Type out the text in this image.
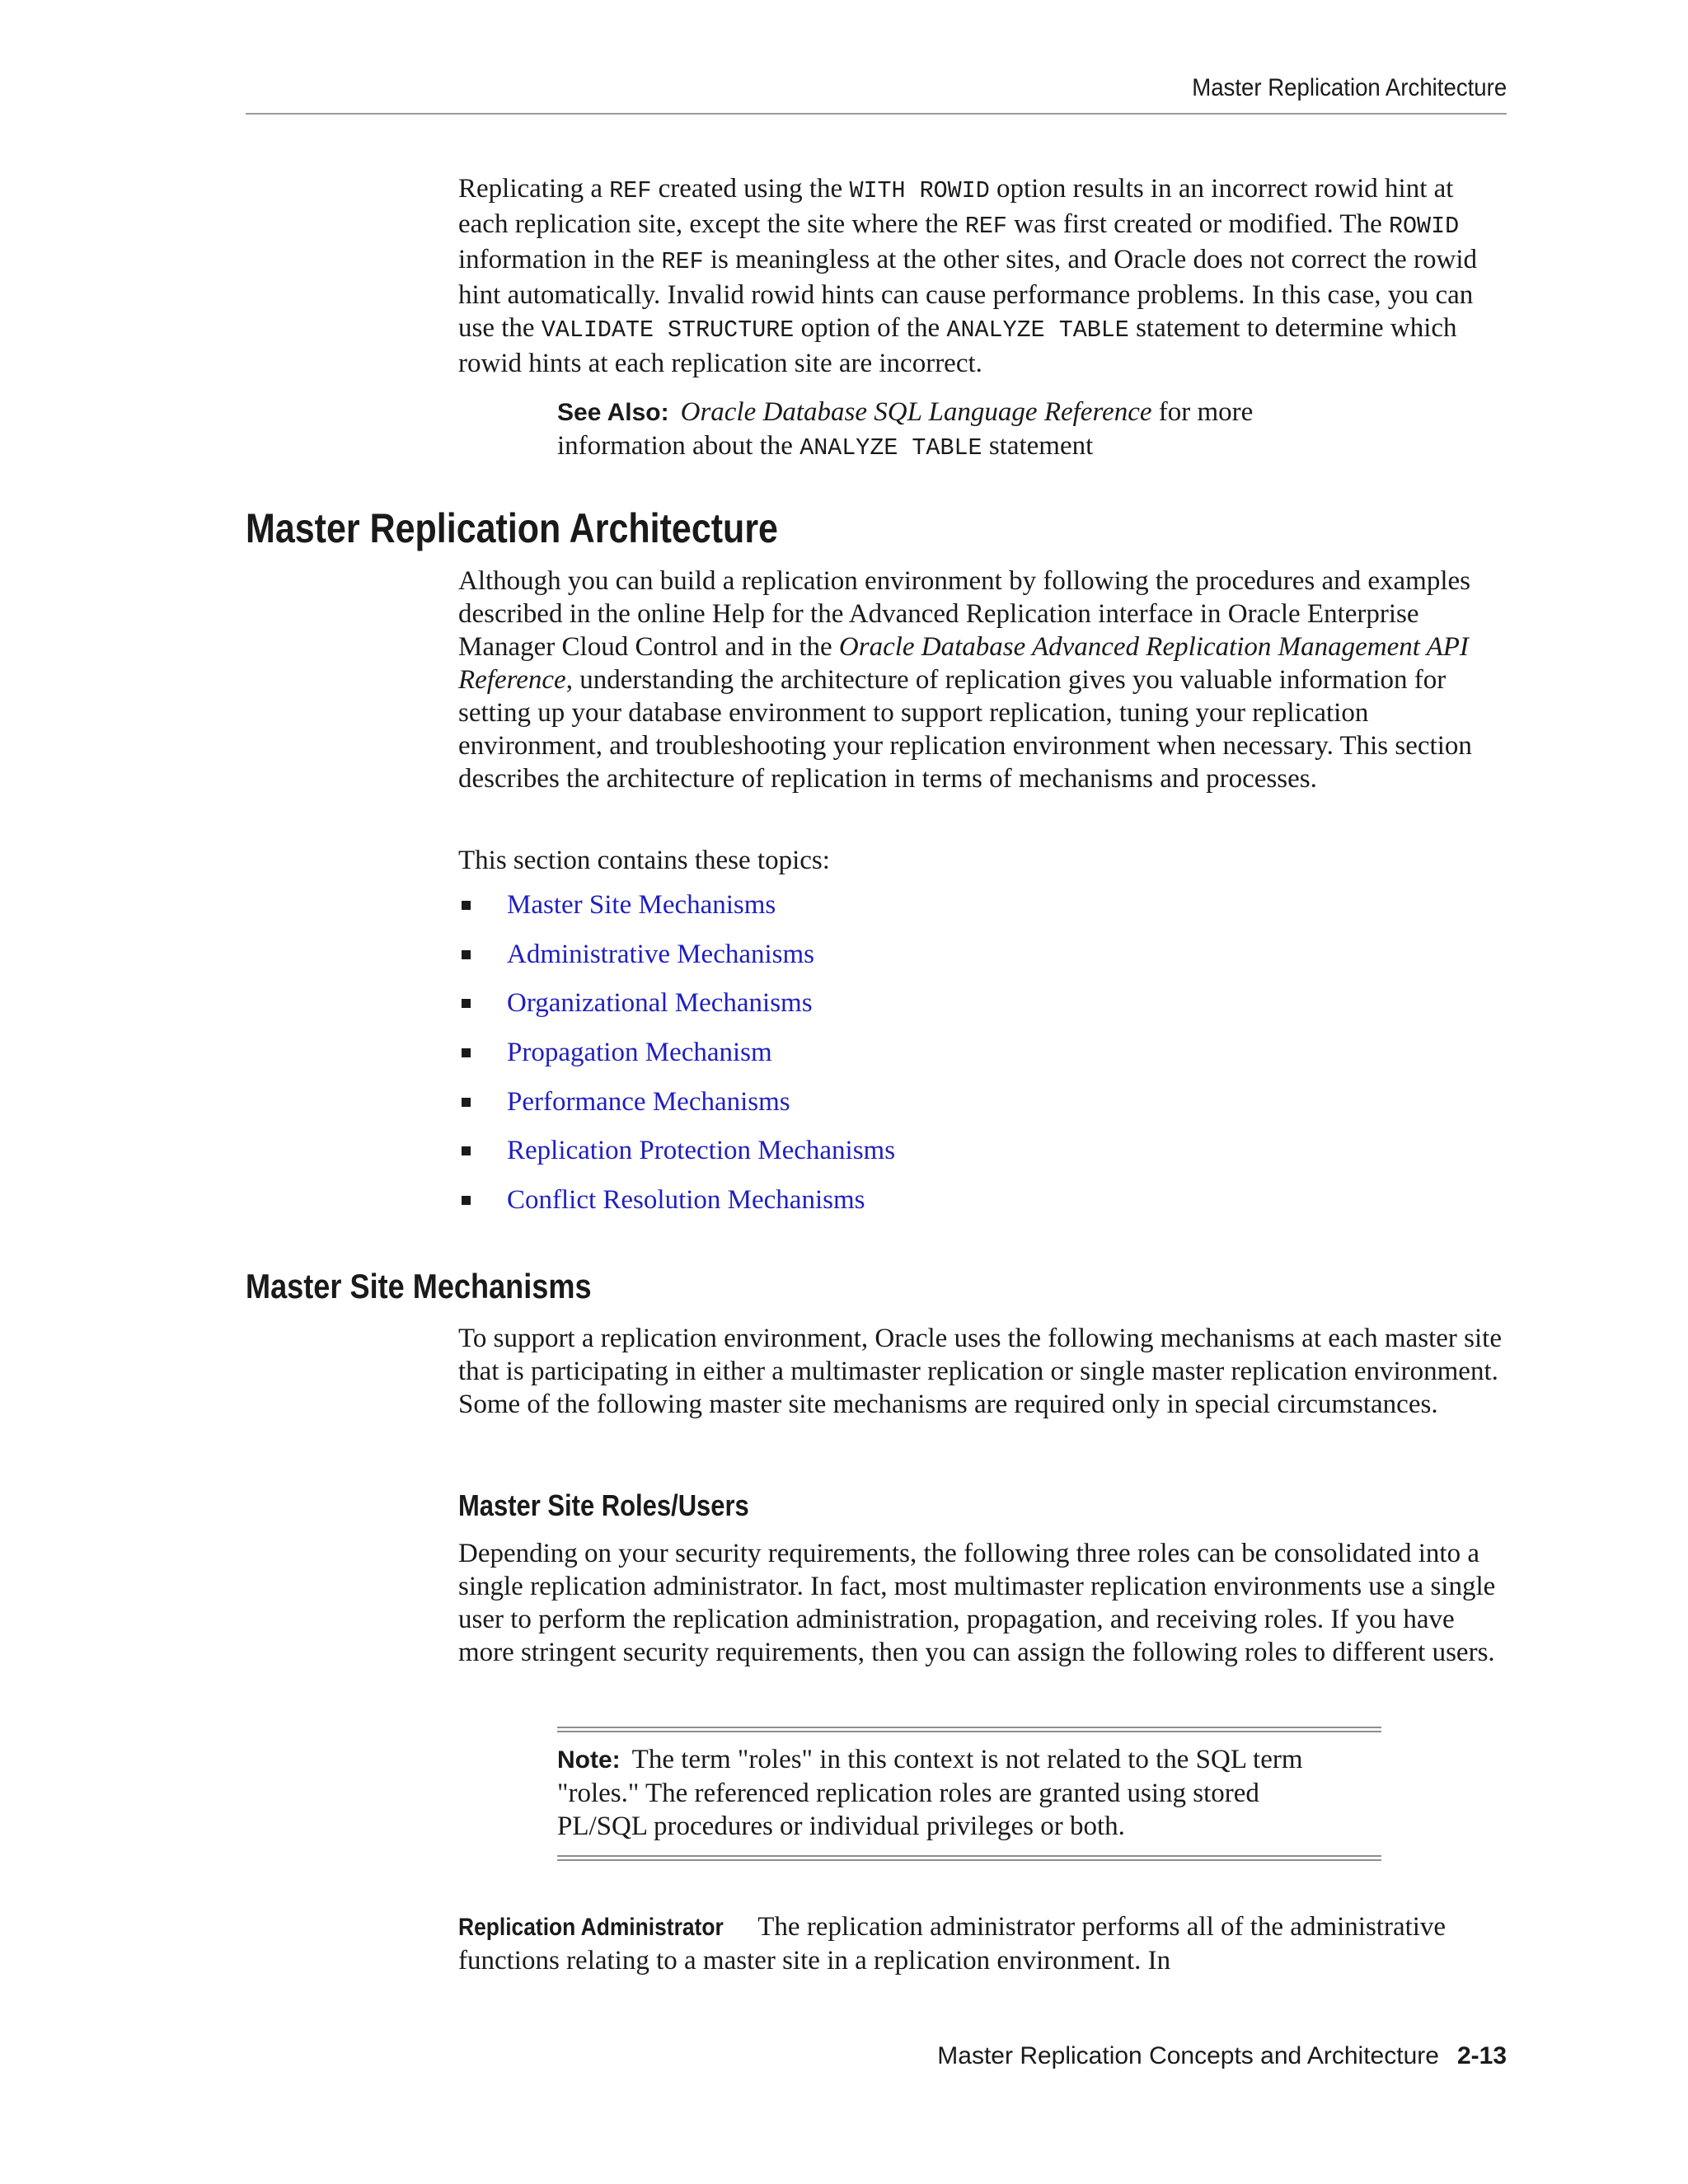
Master Replication Architecture

Replicating a REF created using the WITH ROWID option results in an incorrect rowid hint at each replication site, except the site where the REF was first created or modified. The ROWID information in the REF is meaningless at the other sites, and Oracle does not correct the rowid hint automatically. Invalid rowid hints can cause performance problems. In this case, you can use the VALIDATE STRUCTURE option of the ANALYZE TABLE statement to determine which rowid hints at each replication site are incorrect.

See Also: Oracle Database SQL Language Reference for more information about the ANALYZE TABLE statement
Master Replication Architecture

Although you can build a replication environment by following the procedures and examples described in the online Help for the Advanced Replication interface in Oracle Enterprise Manager Cloud Control and in the Oracle Database Advanced Replication Management API Reference, understanding the architecture of replication gives you valuable information for setting up your database environment to support replication, tuning your replication environment, and troubleshooting your replication environment when necessary. This section describes the architecture of replication in terms of mechanisms and processes.

This section contains these topics:

Master Site Mechanisms
Administrative Mechanisms
Organizational Mechanisms
Propagation Mechanism
Performance Mechanisms
Replication Protection Mechanisms
Conflict Resolution Mechanisms
Master Site Mechanisms

To support a replication environment, Oracle uses the following mechanisms at each master site that is participating in either a multimaster replication or single master replication environment. Some of the following master site mechanisms are required only in special circumstances.

Master Site Roles/Users

Depending on your security requirements, the following three roles can be consolidated into a single replication administrator. In fact, most multimaster replication environments use a single user to perform the replication administration, propagation, and receiving roles. If you have more stringent security requirements, then you can assign the following roles to different users.

Note: The term "roles" in this context is not related to the SQL term "roles." The referenced replication roles are granted using stored PL/SQL procedures or individual privileges or both.

Replication Administrator The replication administrator performs all of the administrative functions relating to a master site in a replication environment. In

Master Replication Concepts and Architecture 2-13
